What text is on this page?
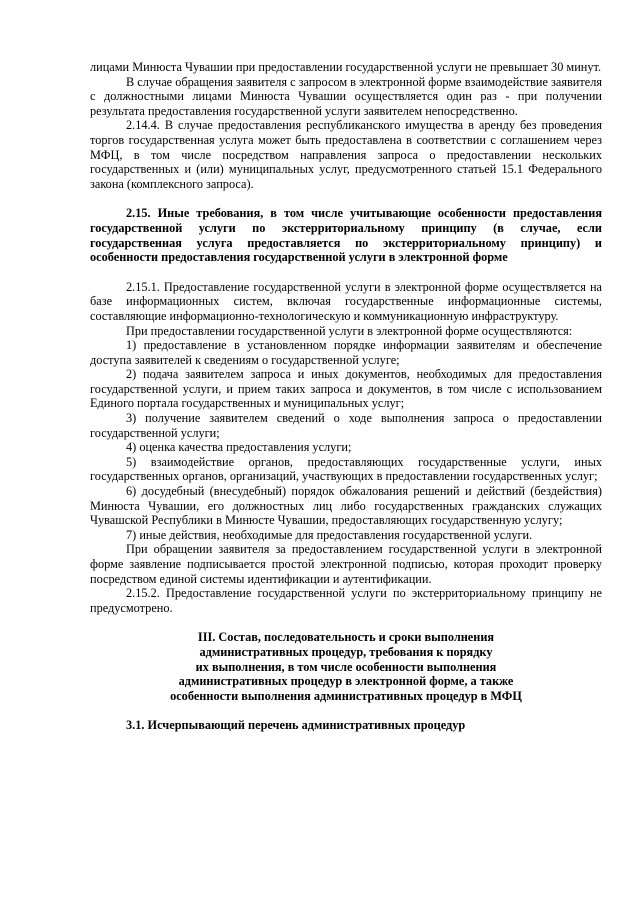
лицами Минюста Чувашии при предоставлении государственной услуги не превышает 30 минут.

В случае обращения заявителя с запросом в электронной форме взаимодействие заявителя с должностными лицами Минюста Чувашии осуществляется один раз - при получении результата предоставления государственной услуги заявителем непосредственно.

2.14.4. В случае предоставления республиканского имущества в аренду без проведения торгов государственная услуга может быть предоставлена в соответствии с соглашением через МФЦ, в том числе посредством направления запроса о предоставлении нескольких государственных и (или) муниципальных услуг, предусмотренного статьей 15.1 Федерального закона (комплексного запроса).

2.15. Иные требования, в том числе учитывающие особенности предоставления государственной услуги по экстерриториальному принципу (в случае, если государственная услуга предоставляется по экстерриториальному принципу) и особенности предоставления государственной услуги в электронной форме

2.15.1. Предоставление государственной услуги в электронной форме осуществляется на базе информационных систем, включая государственные информационные системы, составляющие информационно-технологическую и коммуникационную инфраструктуру.

При предоставлении государственной услуги в электронной форме осуществляются:

1) предоставление в установленном порядке информации заявителям и обеспечение доступа заявителей к сведениям о государственной услуге;

2) подача заявителем запроса и иных документов, необходимых для предоставления государственной услуги, и прием таких запроса и документов, в том числе с использованием Единого портала государственных и муниципальных услуг;

3) получение заявителем сведений о ходе выполнения запроса о предоставлении государственной услуги;

4) оценка качества предоставления услуги;

5) взаимодействие органов, предоставляющих государственные услуги, иных государственных органов, организаций, участвующих в предоставлении государственных услуг;

6) досудебный (внесудебный) порядок обжалования решений и действий (бездействия) Минюста Чувашии, его должностных лиц либо государственных гражданских служащих Чувашской Республики в Минюсте Чувашии, предоставляющих государственную услугу;

7) иные действия, необходимые для предоставления государственной услуги.

При обращении заявителя за предоставлением государственной услуги в электронной форме заявление подписывается простой электронной подписью, которая проходит проверку посредством единой системы идентификации и аутентификации.

2.15.2. Предоставление государственной услуги по экстерриториальному принципу не предусмотрено.

III. Состав, последовательность и сроки выполнения

административных процедур, требования к порядку

их выполнения, в том числе особенности выполнения

административных процедур в электронной форме, а также

особенности выполнения административных процедур в МФЦ

3.1. Исчерпывающий перечень административных процедур
